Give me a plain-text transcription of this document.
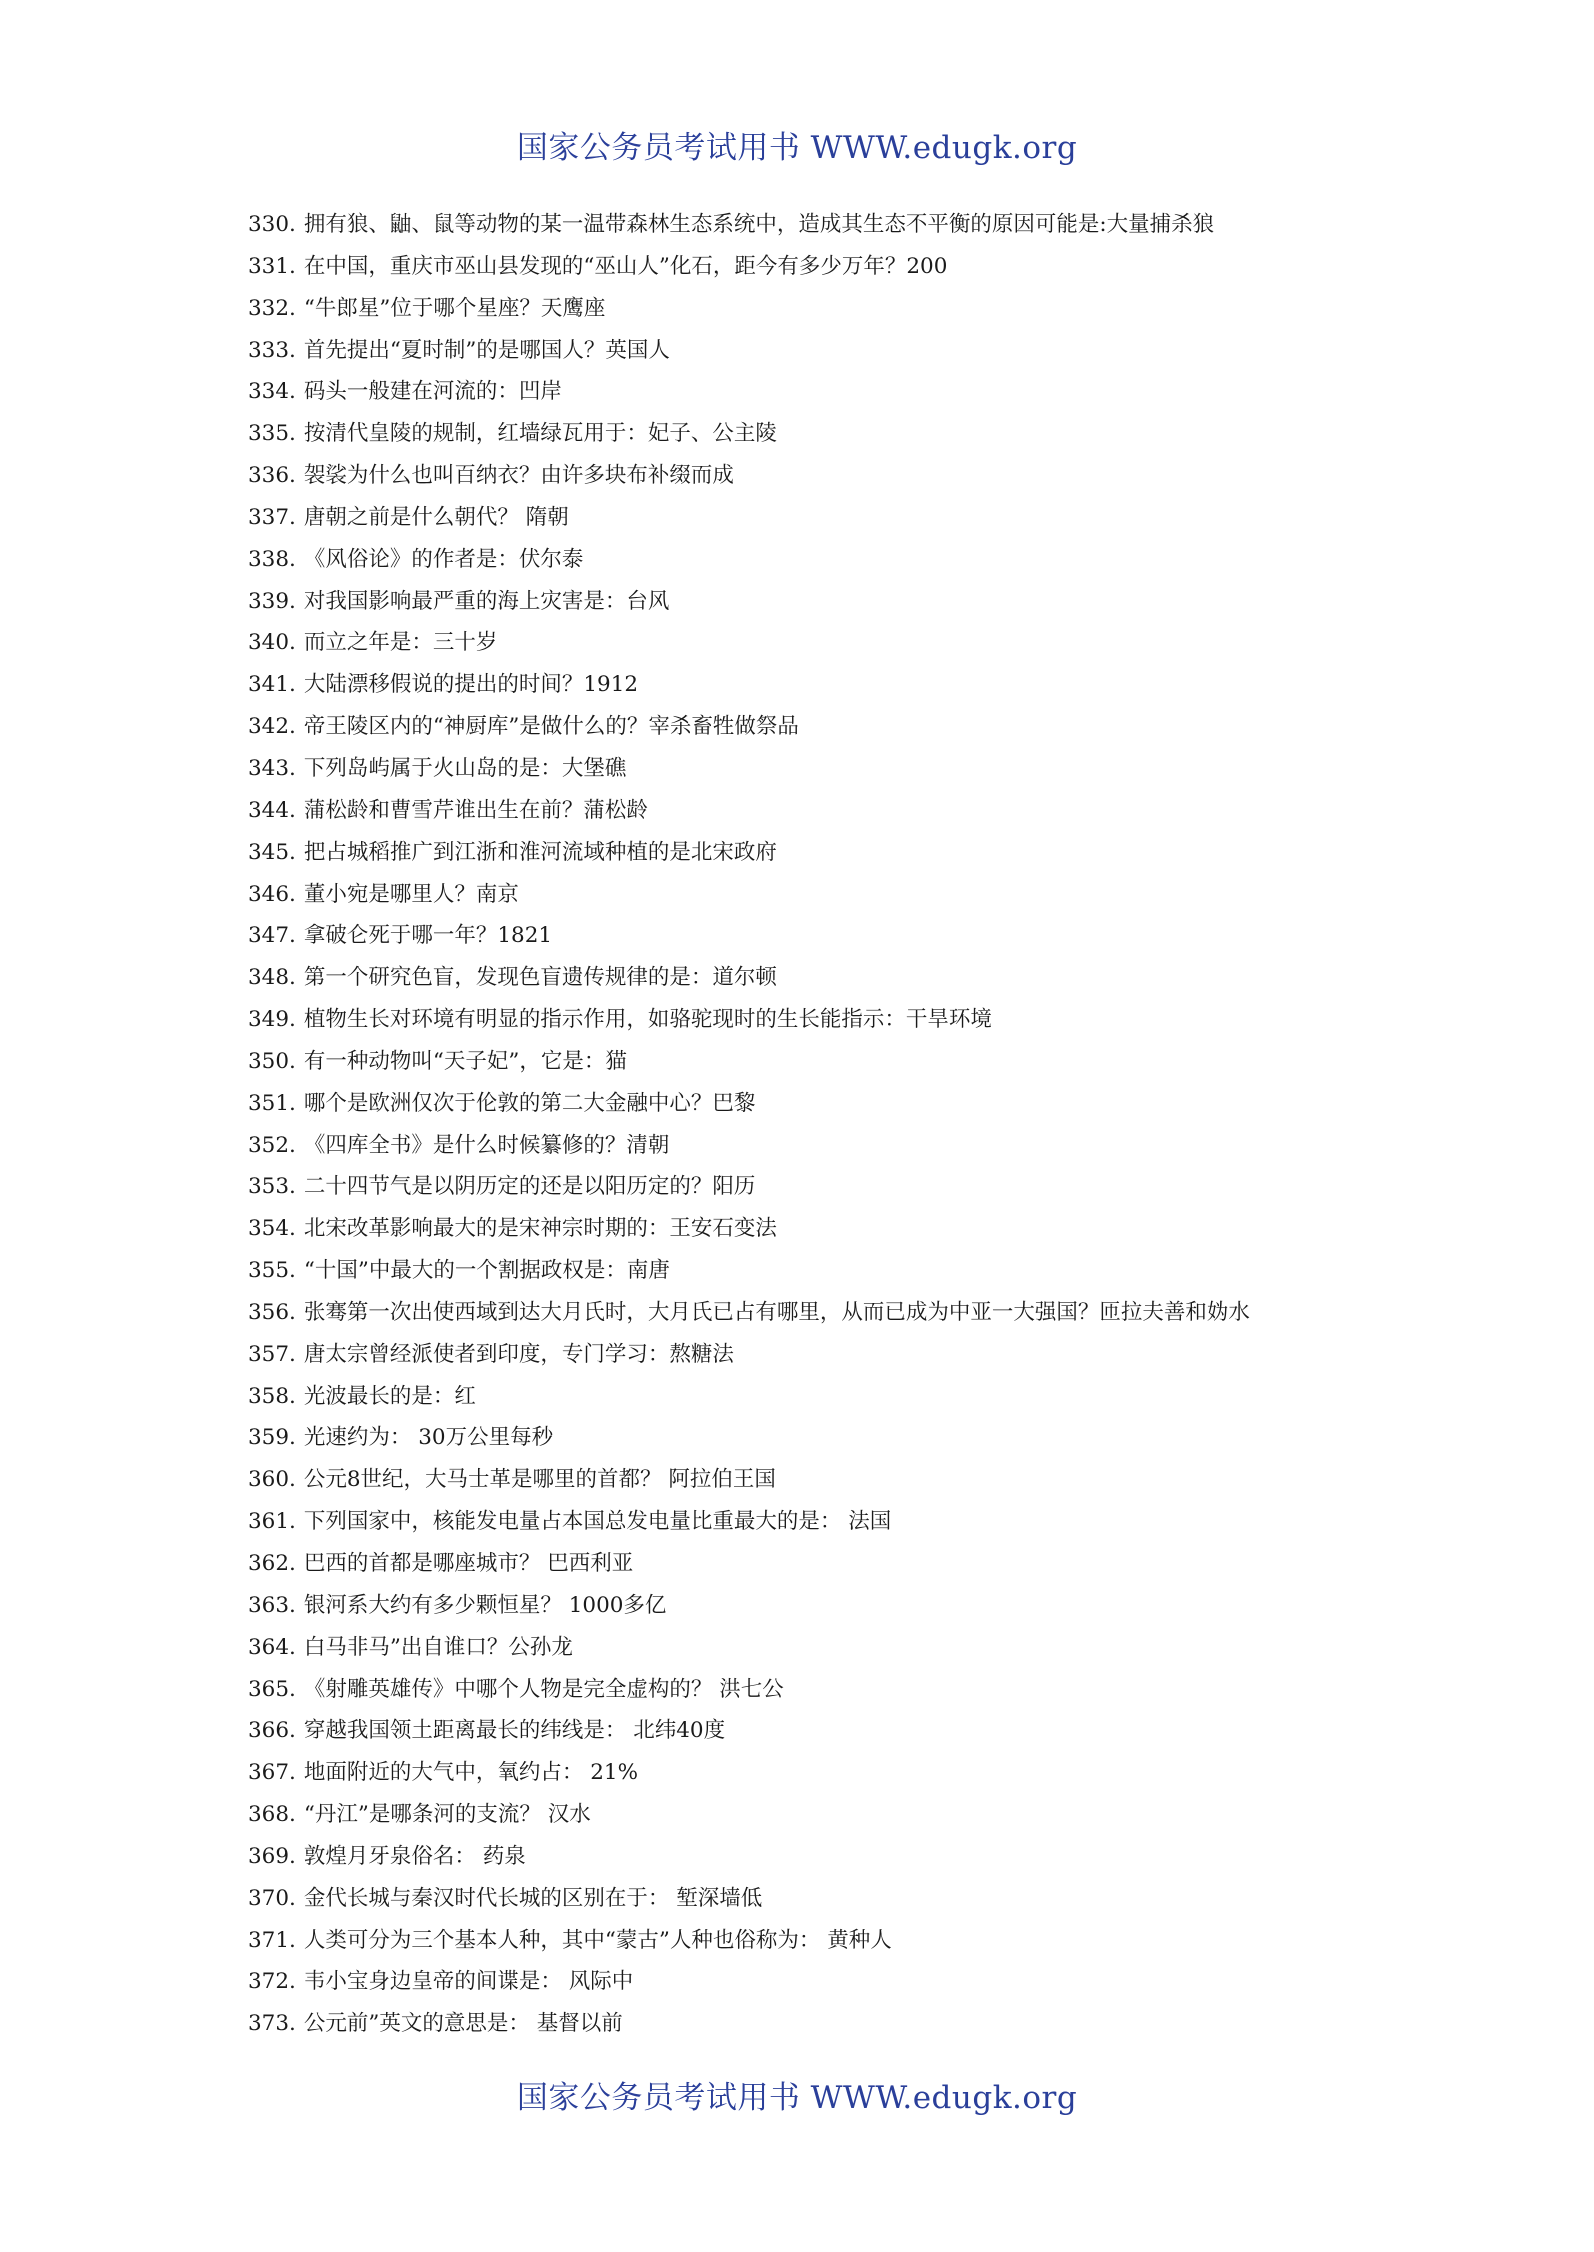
国家公务员考试用书 WWW.edugk.org
330. 拥有狼、鼬、鼠等动物的某一温带森林生态系统中，造成其生态不平衡的原因可能是:大量捕杀狼
331. 在中国，重庆市巫山县发现的“巫山人”化石，距今有多少万年？200
332. “牛郎星”位于哪个星座？天鹰座
333. 首先提出“夏时制”的是哪国人？英国人
334. 码头一般建在河流的：凹岸
335. 按清代皇陵的规制，红墙绿瓦用于：妃子、公主陵
336. 袈裟为什么也叫百纳衣？由许多块布补缀而成
337. 唐朝之前是什么朝代？ 隋朝
338. 《风俗论》的作者是：伏尔泰
339. 对我国影响最严重的海上灾害是：台风
340. 而立之年是：三十岁
341. 大陆漂移假说的提出的时间？1912
342. 帝王陵区内的“神厨库”是做什么的？宰杀畜牲做祭品
343. 下列岛屿属于火山岛的是：大堡礁
344. 蒲松龄和曹雪芹谁出生在前？蒲松龄
345. 把占城稻推广到江浙和淮河流域种植的是北宋政府
346. 董小宛是哪里人？南京
347. 拿破仑死于哪一年？1821
348. 第一个研究色盲，发现色盲遗传规律的是：道尔顿
349. 植物生长对环境有明显的指示作用，如骆驼现时的生长能指示：干旱环境
350. 有一种动物叫“天子妃”，它是：猫
351. 哪个是欧洲仅次于伦敦的第二大金融中心？巴黎
352. 《四库全书》是什么时候纂修的？清朝
353. 二十四节气是以阴历定的还是以阳历定的？阳历
354. 北宋改革影响最大的是宋神宗时期的：王安石变法
355. “十国”中最大的一个割据政权是：南唐
356. 张骞第一次出使西域到达大月氏时，大月氏已占有哪里，从而已成为中亚一大强国？匝拉夫善和妫水
357. 唐太宗曾经派使者到印度，专门学习：熬糖法
358. 光波最长的是：红
359. 光速约为： 30万公里每秒
360. 公元8世纪，大马士革是哪里的首都？ 阿拉伯王国
361. 下列国家中，核能发电量占本国总发电量比重最大的是： 法国
362. 巴西的首都是哪座城市？ 巴西利亚
363. 银河系大约有多少颗恒星？ 1000多亿
364. 白马非马”出自谁口？公孙龙
365. 《射雕英雄传》中哪个人物是完全虚构的？ 洪七公
366. 穿越我国领土距离最长的纬线是： 北纬40度
367. 地面附近的大气中，氧约占： 21%
368. “丹江”是哪条河的支流？ 汉水
369. 敦煌月牙泉俗名： 药泉
370. 金代长城与秦汉时代长城的区别在于： 堑深墙低
371. 人类可分为三个基本人种，其中“蒙古”人种也俗称为： 黄种人
372. 韦小宝身边皇帝的间谍是： 风际中
373. 公元前”英文的意思是： 基督以前
国家公务员考试用书 WWW.edugk.org
